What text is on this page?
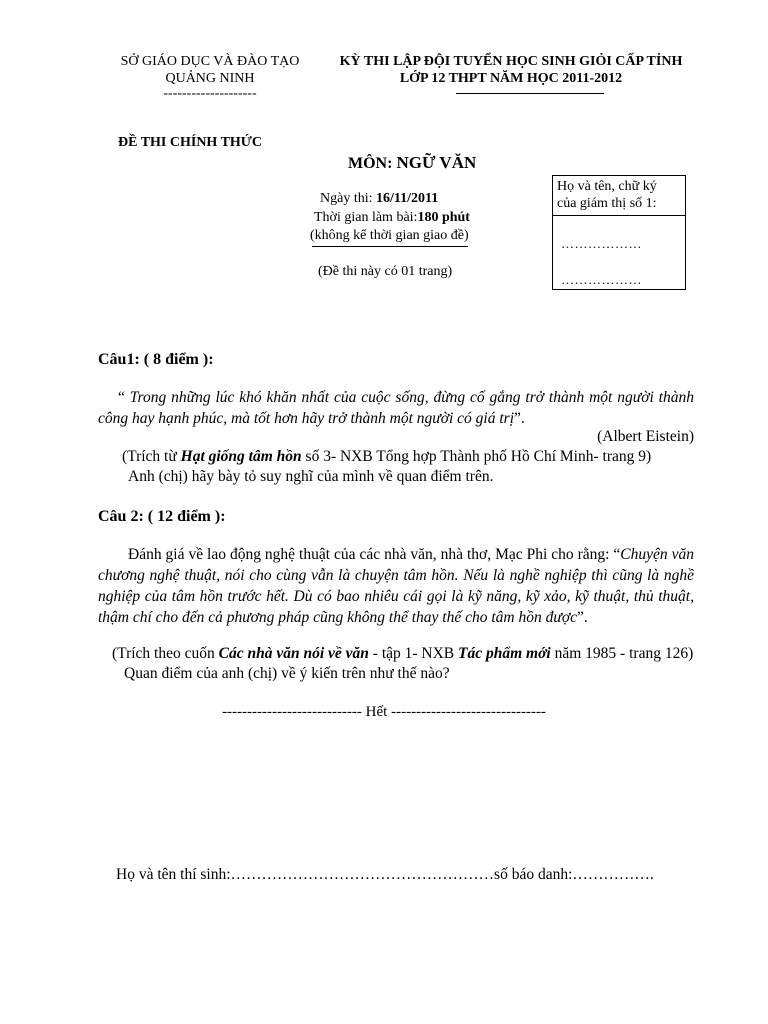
SỞ GIÁO DỤC VÀ ĐÀO TẠO
QUẢNG NINH
--------------------
KỲ THI LẬP ĐỘI TUYỂN HỌC SINH GIỎI CẤP TỈNH
LỚP 12 THPT NĂM HỌC 2011-2012
ĐỀ THI CHÍNH THỨC
MÔN: NGỮ VĂN
Ngày thi: 16/11/2011
Thời gian làm bài:180 phút
(không kể thời gian giao đề)
(Đề thi này có 01 trang)
Họ và tên, chữ ký
của giám thị số 1:
………………
………………
Câu1: ( 8 điểm ):
“ Trong những lúc khó khăn nhất của cuộc sống, đừng cố gắng trở thành một người thành công hay hạnh phúc, mà tốt hơn hãy trở thành một người có giá trị”.
(Albert Eistein)
(Trích từ Hạt giống tâm hồn số 3- NXB Tổng hợp Thành phố Hồ Chí Minh- trang 9)
Anh (chị) hãy bày tỏ suy nghĩ của mình về quan điểm trên.
Câu 2: ( 12 điểm ):
Đánh giá về lao động nghệ thuật của các nhà văn, nhà thơ, Mạc Phi cho rằng: “Chuyện văn chương nghệ thuật, nói cho cùng vẫn là chuyện tâm hồn. Nếu là nghề nghiệp thì cũng là nghề nghiệp của tâm hồn trước hết. Dù có bao nhiêu cái gọi là kỹ năng, kỹ xảo, kỹ thuật, thủ thuật, thậm chí cho đến cả phương pháp cũng không thể thay thế cho tâm hồn được”.
(Trích theo cuốn Các nhà văn nói về văn - tập 1- NXB Tác phẩm mới năm 1985 - trang 126)
Quan điểm của anh (chị) về ý kiến trên như thế nào?
---------------------------- Hết -------------------------------
Họ và tên thí sinh:……………………………………………số báo danh:…………….
